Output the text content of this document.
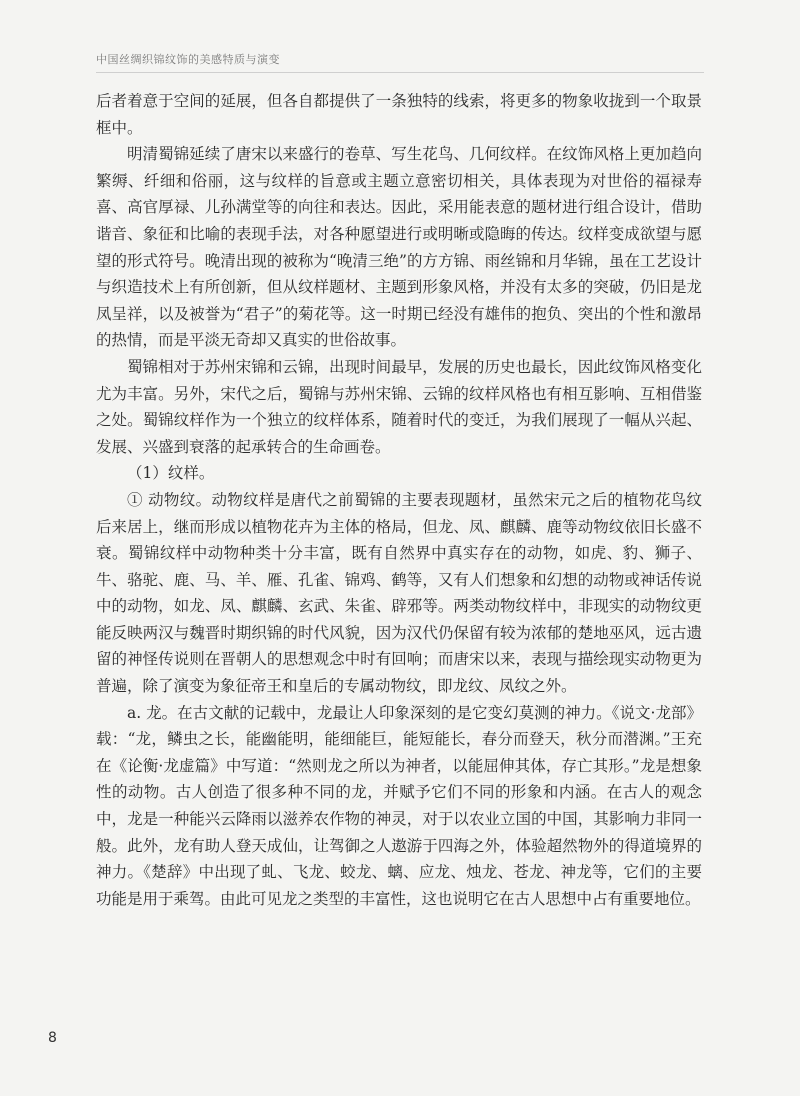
中国丝绸织锦纹饰的美感特质与演变

后者着意于空间的延展，但各自都提供了一条独特的线索，将更多的物象收拢到一个取景框中。

明清蜀锦延续了唐宋以来盛行的卷草、写生花鸟、几何纹样。在纹饰风格上更加趋向繁缛、纤细和俗丽，这与纹样的旨意或主题立意密切相关，具体表现为对世俗的福禄寿喜、高官厚禄、儿孙满堂等的向往和表达。因此，采用能表意的题材进行组合设计，借助谐音、象征和比喻的表现手法，对各种愿望进行或明晰或隐晦的传达。纹样变成欲望与愿望的形式符号。晚清出现的被称为“晚清三绝”的方方锦、雨丝锦和月华锦，虽在工艺设计与织造技术上有所创新，但从纹样题材、主题到形象风格，并没有太多的突破，仍旧是龙凤呈祥，以及被誉为“君子”的菊花等。这一时期已经没有雄伟的抱负、突出的个性和激昂的热情，而是平淡无奇却又真实的世俗故事。

蜀锦相对于苏州宋锦和云锦，出现时间最早，发展的历史也最长，因此纹饰风格变化尤为丰富。另外，宋代之后，蜀锦与苏州宋锦、云锦的纹样风格也有相互影响、互相借鉴之处。蜀锦纹样作为一个独立的纹样体系，随着时代的变迁，为我们展现了一幅从兴起、发展、兴盛到衰落的起承转合的生命画卷。

（1）纹样。

① 动物纹。动物纹样是唐代之前蜀锦的主要表现题材，虽然宋元之后的植物花鸟纹后来居上，继而形成以植物花卉为主体的格局，但龙、凤、麒麟、鹿等动物纹依旧长盛不衰。蜀锦纹样中动物种类十分丰富，既有自然界中真实存在的动物，如虎、豹、狮子、牛、骆驼、鹿、马、羊、雁、孔雀、锦鸡、鹤等，又有人们想象和幻想的动物或神话传说中的动物，如龙、凤、麒麟、玄武、朱雀、辟邪等。两类动物纹样中，非现实的动物纹更能反映两汉与魏晋时期织锦的时代风貌，因为汉代仍保留有较为浓郁的楚地巫风，远古遗留的神怪传说则在晋朝人的思想观念中时有回响；而唐宋以来，表现与描绘现实动物更为普遍，除了演变为象征帝王和皇后的专属动物纹，即龙纹、凤纹之外。

a. 龙。在古文献的记载中，龙最让人印象深刻的是它变幻莫测的神力。《说文·龙部》载：“龙，鳞虫之长，能幽能明，能细能巨，能短能长，春分而登天，秋分而潜渊。”王充在《论衡·龙虚篇》中写道：“然则龙之所以为神者，以能屈伸其体，存亡其形。”龙是想象性的动物。古人创造了很多种不同的龙，并赋予它们不同的形象和内涵。在古人的观念中，龙是一种能兴云降雨以滋养农作物的神灵，对于以农业立国的中国，其影响力非同一般。此外，龙有助人登天成仙，让驾御之人遨游于四海之外，体验超然物外的得道境界的神力。《楚辞》中出现了虬、飞龙、蛟龙、螭、应龙、烛龙、苍龙、神龙等，它们的主要功能是用于乘驾。由此可见龙之类型的丰富性，这也说明它在古人思想中占有重要地位。

8
